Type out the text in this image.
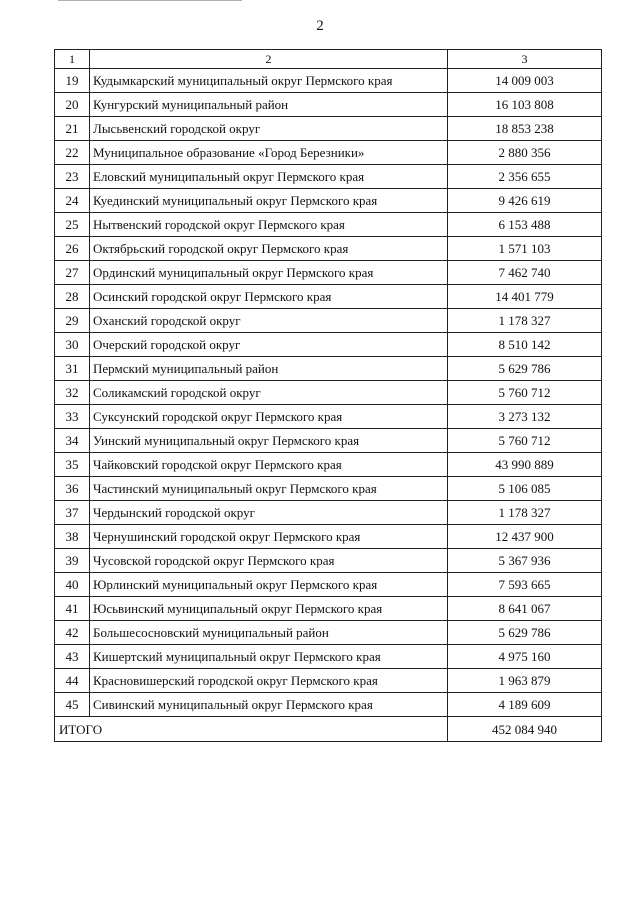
2
1	2	3
19	Кудымкарский муниципальный округ Пермского края	14 009 003
20	Кунгурский муниципальный район	16 103 808
21	Лысьвенский городской округ	18 853 238
22	Муниципальное образование «Город Березники»	2 880 356
23	Еловский муниципальный округ Пермского края	2 356 655
24	Куединский муниципальный округ Пермского края	9 426 619
25	Нытвенский городской округ Пермского края	6 153 488
26	Октябрьский городской округ Пермского края	1 571 103
27	Ординский муниципальный округ Пермского края	7 462 740
28	Осинский городской округ Пермского края	14 401 779
29	Оханский городской округ	1 178 327
30	Очерский городской округ	8 510 142
31	Пермский муниципальный район	5 629 786
32	Соликамский городской округ	5 760 712
33	Суксунский городской округ Пермского края	3 273 132
34	Уинский муниципальный округ Пермского края	5 760 712
35	Чайковский городской округ Пермского края	43 990 889
36	Частинский муниципальный округ Пермского края	5 106 085
37	Чердынский городской округ	1 178 327
38	Чернушинский городской округ Пермского края	12 437 900
39	Чусовской городской округ Пермского края	5 367 936
40	Юрлинский муниципальный округ Пермского края	7 593 665
41	Юсьвинский муниципальный округ Пермского края	8 641 067
42	Большесосновский муниципальный район	5 629 786
43	Кишертский муниципальный округ Пермского края	4 975 160
44	Красновишерский городской округ Пермского края	1 963 879
45	Сивинский муниципальный округ Пермского края	4 189 609
ИТОГО		452 084 940
